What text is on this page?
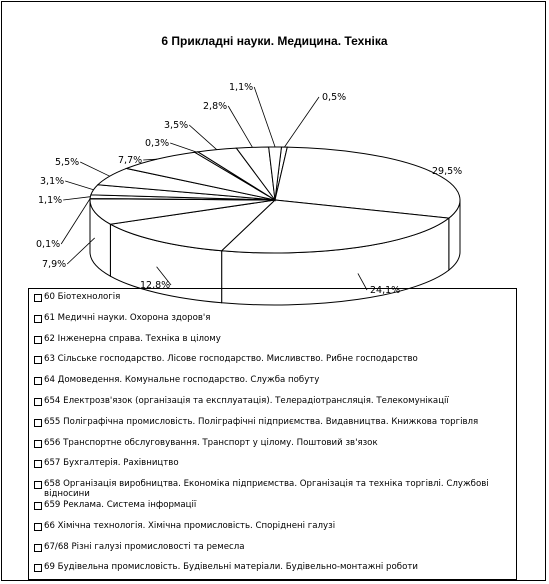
6 Прикладні науки. Медицина. Техніка
0,5%
29,5%
24,1%
12,8%
7,9%
0,1%
1,1%
3,1%
5,5%	7,7%
0,3%
3,5%
2,8%
1,1%
60 Біотехнологія
61 Медичні науки. Охорона здоров'я
62 Інженерна справа. Техніка в цілому
63 Сільське господарство. Лісове господарство. Мисливство. Рибне господарство
64 Домоведення. Комунальне господарство. Служба побуту
654 Електрозв'язок (організація та експлуатація). Телерадіотрансляція. Телекомунікації
655 Поліграфічна промисловість. Поліграфічні підприємства. Видавництва. Книжкова торгівля
656 Транспортне обслуговування. Транспорт у цілому. Поштовий зв'язок
657 Бухгалтерія. Рахівництво
658 Організація виробництва. Економіка підприємства. Організація та техніка торгівлі. Службові відносини
659 Реклама. Система інформації
66 Хімічна технологія. Хімічна промисловість. Споріднені галузі
67/68 Різні галузі промисловості та ремесла
69 Будівельна промисловість. Будівельні матеріали. Будівельно-монтажні роботи
